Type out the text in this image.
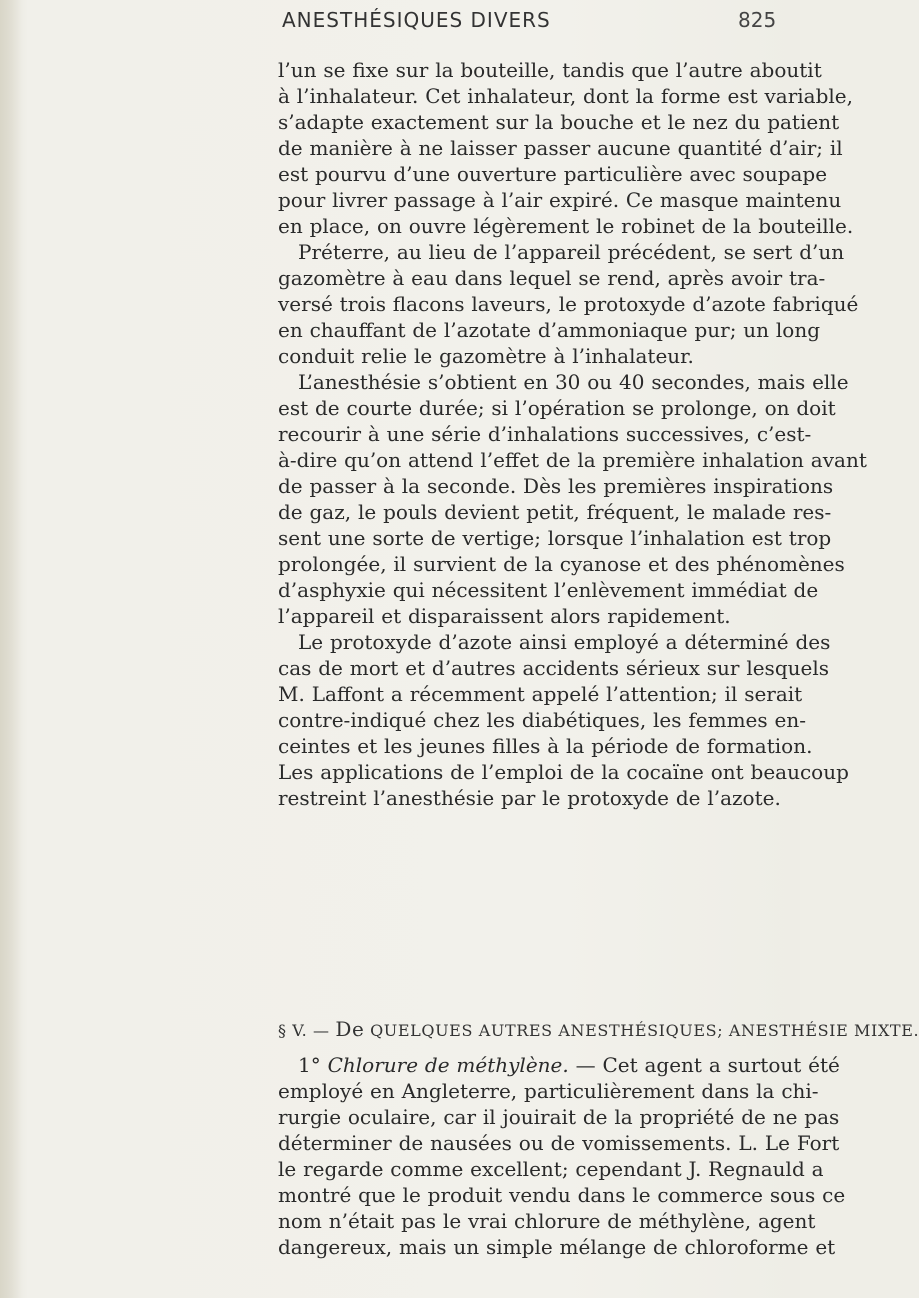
ANESTHÉSIQUES DIVERS	825
l’un se fixe sur la bouteille, tandis que l’autre aboutit
à l’inhalateur. Cet inhalateur, dont la forme est variable,
s’adapte exactement sur la bouche et le nez du patient
de manière à ne laisser passer aucune quantité d’air; il
est pourvu d’une ouverture particulière avec soupape
pour livrer passage à l’air expiré. Ce masque maintenu
en place, on ouvre légèrement le robinet de la bouteille.
Préterre, au lieu de l’appareil précédent, se sert d’un
gazomètre à eau dans lequel se rend, après avoir tra-
versé trois flacons laveurs, le protoxyde d’azote fabriqué
en chauffant de l’azotate d’ammoniaque pur; un long
conduit relie le gazomètre à l’inhalateur.
L’anesthésie s’obtient en 30 ou 40 secondes, mais elle
est de courte durée; si l’opération se prolonge, on doit
recourir à une série d’inhalations successives, c’est-
à-dire qu’on attend l’effet de la première inhalation avant
de passer à la seconde. Dès les premières inspirations
de gaz, le pouls devient petit, fréquent, le malade res-
sent une sorte de vertige; lorsque l’inhalation est trop
prolongée, il survient de la cyanose et des phénomènes
d’asphyxie qui nécessitent l’enlèvement immédiat de
l’appareil et disparaissent alors rapidement.
Le protoxyde d’azote ainsi employé a déterminé des
cas de mort et d’autres accidents sérieux sur lesquels
M. Laffont a récemment appelé l’attention; il serait
contre-indiqué chez les diabétiques, les femmes en-
ceintes et les jeunes filles à la période de formation.
Les applications de l’emploi de la cocaïne ont beaucoup
restreint l’anesthésie par le protoxyde de l’azote.
§ V. — De QUELQUES AUTRES ANESTHÉSIQUES; ANESTHÉSIE MIXTE.
1° Chlorure de méthylène. — Cet agent a surtout été
employé en Angleterre, particulièrement dans la chi-
rurgie oculaire, car il jouirait de la propriété de ne pas
déterminer de nausées ou de vomissements. L. Le Fort
le regarde comme excellent; cependant J. Regnauld a
montré que le produit vendu dans le commerce sous ce
nom n’était pas le vrai chlorure de méthylène, agent
dangereux, mais un simple mélange de chloroforme et
